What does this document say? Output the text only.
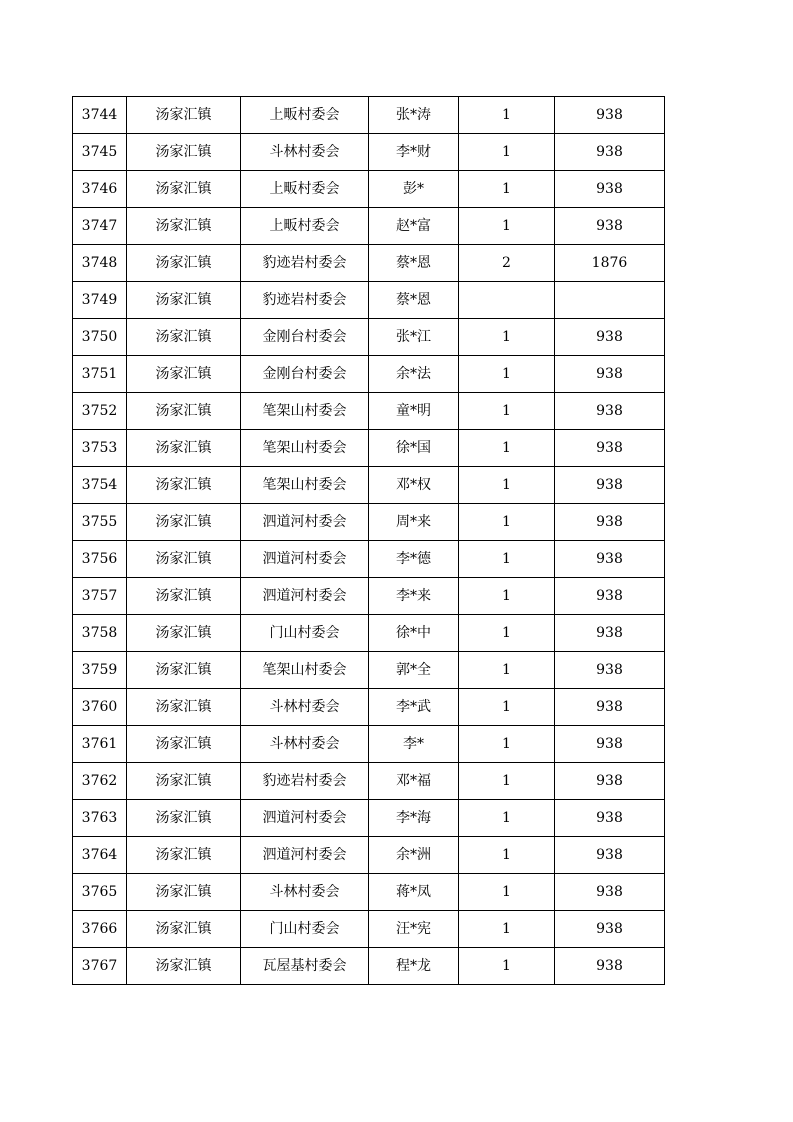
3744	汤家汇镇	上畈村委会	张*涛	1	938
3745	汤家汇镇	斗林村委会	李*财	1	938
3746	汤家汇镇	上畈村委会	彭*	1	938
3747	汤家汇镇	上畈村委会	赵*富	1	938
3748	汤家汇镇	豹迹岩村委会	蔡*恩	2	1876
3749	汤家汇镇	豹迹岩村委会	蔡*恩		
3750	汤家汇镇	金刚台村委会	张*江	1	938
3751	汤家汇镇	金刚台村委会	余*法	1	938
3752	汤家汇镇	笔架山村委会	童*明	1	938
3753	汤家汇镇	笔架山村委会	徐*国	1	938
3754	汤家汇镇	笔架山村委会	邓*权	1	938
3755	汤家汇镇	泗道河村委会	周*来	1	938
3756	汤家汇镇	泗道河村委会	李*德	1	938
3757	汤家汇镇	泗道河村委会	李*来	1	938
3758	汤家汇镇	门山村委会	徐*中	1	938
3759	汤家汇镇	笔架山村委会	郭*全	1	938
3760	汤家汇镇	斗林村委会	李*武	1	938
3761	汤家汇镇	斗林村委会	李*	1	938
3762	汤家汇镇	豹迹岩村委会	邓*福	1	938
3763	汤家汇镇	泗道河村委会	李*海	1	938
3764	汤家汇镇	泗道河村委会	余*洲	1	938
3765	汤家汇镇	斗林村委会	蒋*凤	1	938
3766	汤家汇镇	门山村委会	汪*宪	1	938
3767	汤家汇镇	瓦屋基村委会	程*龙	1	938
